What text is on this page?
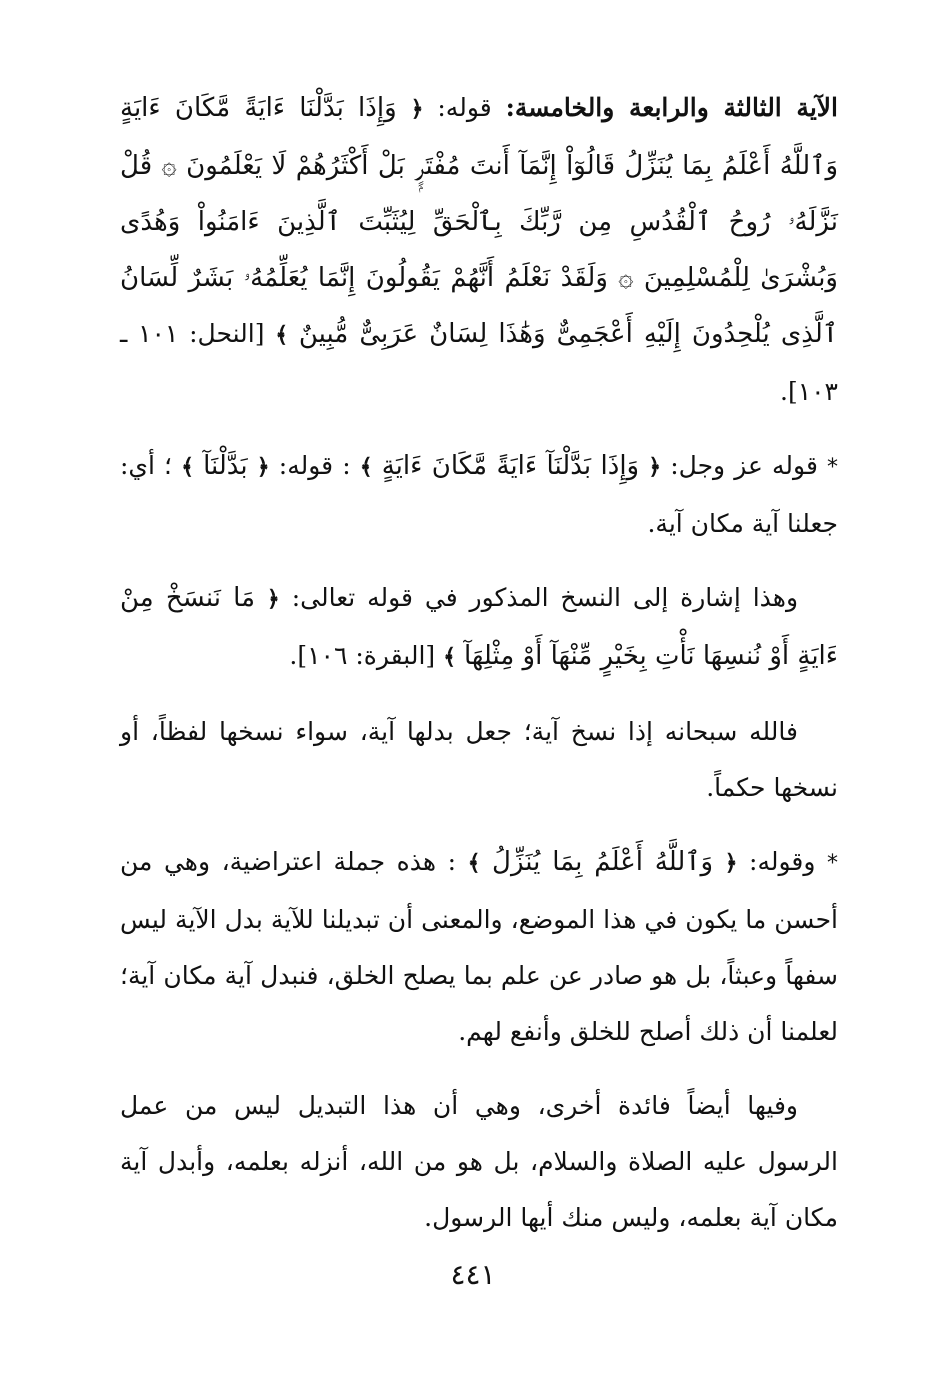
الآية الثالثة والرابعة والخامسة: قوله: ﴿ وَإِذَا بَدَّلْنَا ءَايَةً مَّكَانَ ءَايَةٍ وَٱللَّهُ أَعْلَمُ بِمَا يُنَزِّلُ قَالُوٓاْ إِنَّمَآ أَنتَ مُفْتَرٍۭ بَلْ أَكْثَرُهُمْ لَا يَعْلَمُونَ ۞ قُلْ نَزَّلَهُۥ رُوحُ ٱلْقُدُسِ مِن رَّبِّكَ بِٱلْحَقِّ لِيُثَبِّتَ ٱلَّذِينَ ءَامَنُواْ وَهُدًى وَبُشْرَىٰ لِلْمُسْلِمِينَ ۞ وَلَقَدْ نَعْلَمُ أَنَّهُمْ يَقُولُونَ إِنَّمَا يُعَلِّمُهُۥ بَشَرٌ لِّسَانُ ٱلَّذِى يُلْحِدُونَ إِلَيْهِ أَعْجَمِىٌّ وَهَٰذَا لِسَانٌ عَرَبِىٌّ مُّبِينٌ ﴾ [النحل: ١٠١ ـ ١٠٣].

* قوله عز وجل: ﴿ وَإِذَا بَدَّلْنَآ ءَايَةً مَّكَانَ ءَايَةٍ ﴾ : قوله: ﴿ بَدَّلْنَآ ﴾ ؛ أي: جعلنا آية مكان آية.

وهذا إشارة إلى النسخ المذكور في قوله تعالى: ﴿ مَا نَنسَخْ مِنْ ءَايَةٍ أَوْ نُنسِهَا نَأْتِ بِخَيْرٍ مِّنْهَآ أَوْ مِثْلِهَآ ﴾ [البقرة: ١٠٦].

فالله سبحانه إذا نسخ آية؛ جعل بدلها آية، سواء نسخها لفظاً، أو نسخها حكماً.

* وقوله: ﴿ وَٱللَّهُ أَعْلَمُ بِمَا يُنَزِّلُ ﴾ : هذه جملة اعتراضية، وهي من أحسن ما يكون في هذا الموضع، والمعنى أن تبديلنا للآية بدل الآية ليس سفهاً وعبثاً، بل هو صادر عن علم بما يصلح الخلق، فنبدل آية مكان آية؛ لعلمنا أن ذلك أصلح للخلق وأنفع لهم.

وفيها أيضاً فائدة أخرى، وهي أن هذا التبديل ليس من عمل الرسول عليه الصلاة والسلام، بل هو من الله، أنزله بعلمه، وأبدل آية مكان آية بعلمه، وليس منك أيها الرسول.

٤٤١
